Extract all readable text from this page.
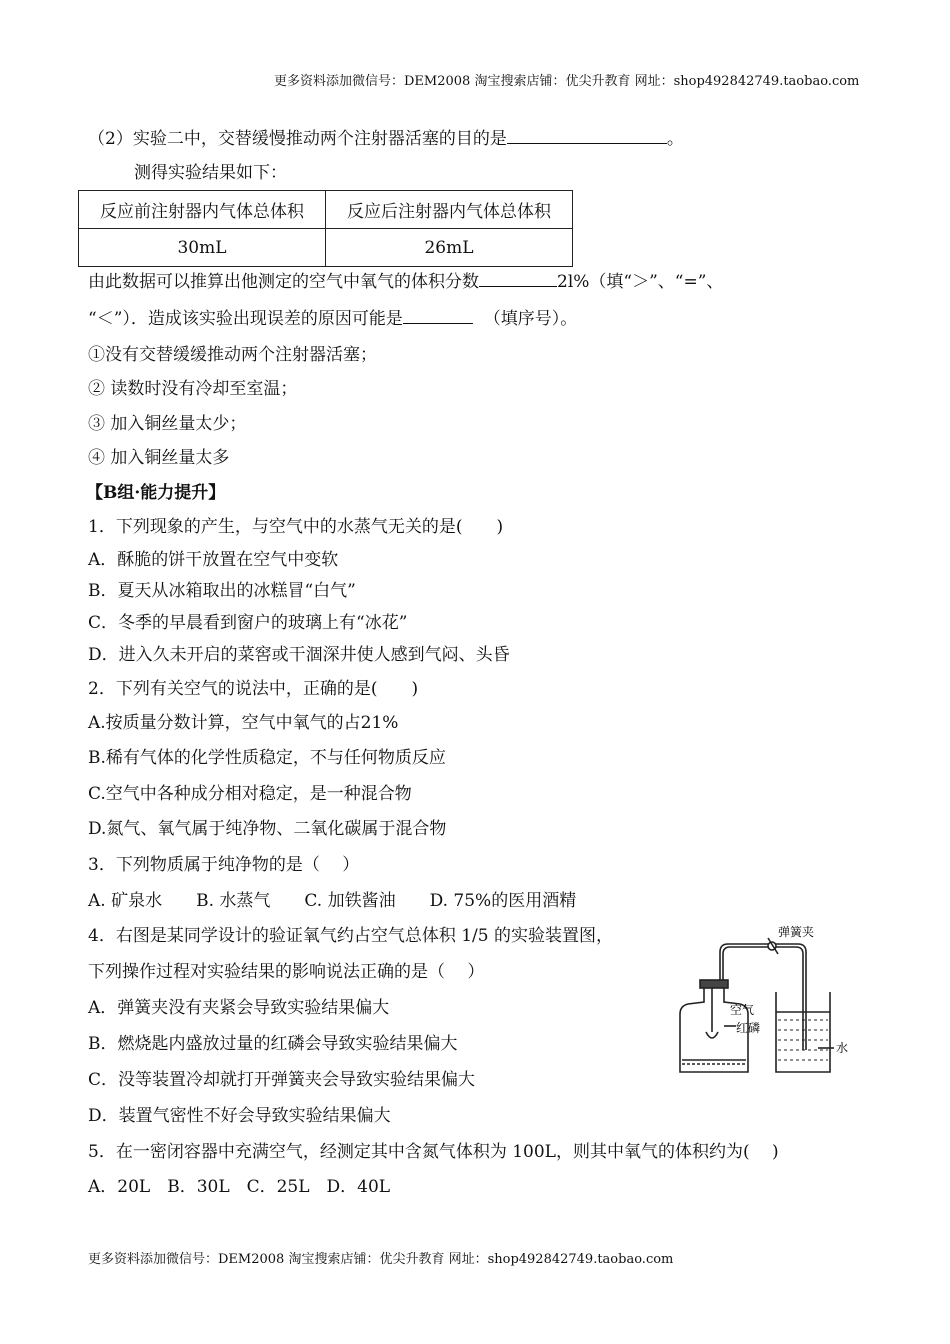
更多资料添加微信号：DEM2008 淘宝搜索店铺：优尖升教育 网址：shop492842749.taobao.com
（2）实验二中，交替缓慢推动两个注射器活塞的目的是	。
测得实验结果如下：
反应前注射器内气体总体积	反应后注射器内气体总体积
30mL	26mL
由此数据可以推算出他测定的空气中氧气的体积分数	2l%（填“＞”、“=”、
“＜”）．造成该实验出现误差的原因可能是	（填序号）。
①没有交替缓缓推动两个注射器活塞；
② 读数时没有冷却至室温；
③ 加入铜丝量太少；
④ 加入铜丝量太多
【B组·能力提升】
1．下列现象的产生，与空气中的水蒸气无关的是(　　)
A．酥脆的饼干放置在空气中变软
B．夏天从冰箱取出的冰糕冒“白气”
C．冬季的早晨看到窗户的玻璃上有“冰花”
D．进入久未开启的菜窖或干涸深井使人感到气闷、头昏
2．下列有关空气的说法中，正确的是(　　)
A.按质量分数计算，空气中氧气的占21%
B.稀有气体的化学性质稳定，不与任何物质反应
C.空气中各种成分相对稳定，是一种混合物
D.氮气、氧气属于纯净物、二氧化碳属于混合物
3．下列物质属于纯净物的是（　 ）
A. 矿泉水　　B. 水蒸气　　C. 加铁酱油　　D. 75%的医用酒精
4．右图是某同学设计的验证氧气约占空气总体积 1/5 的实验装置图，
下列操作过程对实验结果的影响说法正确的是（　 ）
A．弹簧夹没有夹紧会导致实验结果偏大
B．燃烧匙内盛放过量的红磷会导致实验结果偏大
C．没等装置冷却就打开弹簧夹会导致实验结果偏大
D．装置气密性不好会导致实验结果偏大
弹簧夹
空气
红磷
水
5．在一密闭容器中充满空气，经测定其中含氮气体积为 100L，则其中氧气的体积约为(　 )
A．20L　B．30L　C．25L　D．40L
更多资料添加微信号：DEM2008 淘宝搜索店铺：优尖升教育 网址：shop492842749.taobao.com
